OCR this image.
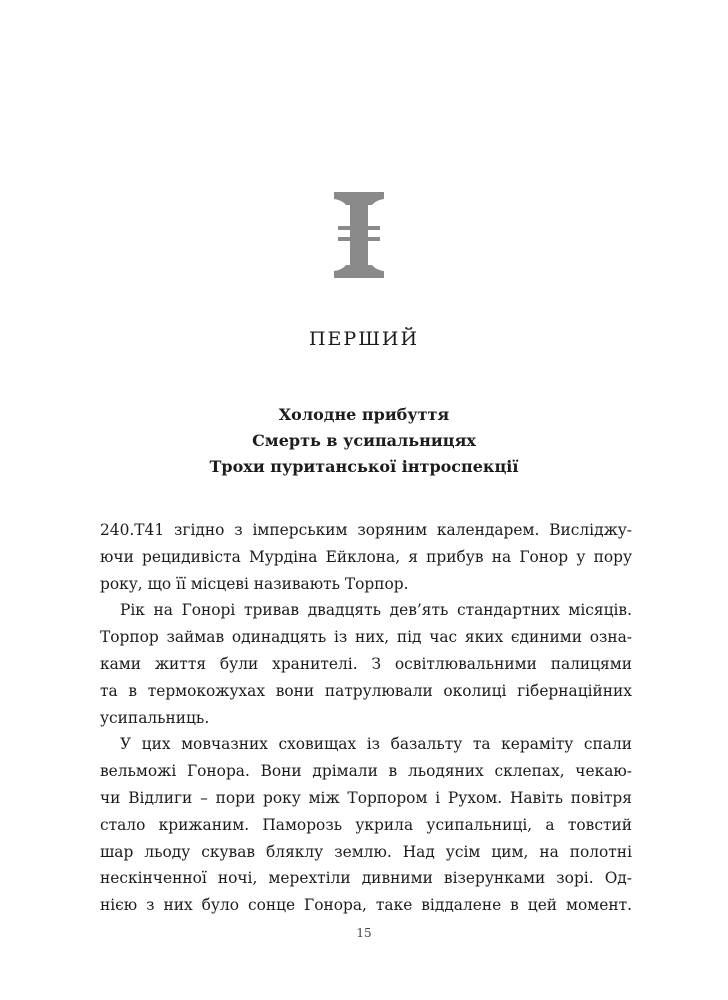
ПЕРШИЙ
Холодне прибуття
Смерть в усипальницях
Трохи пуританської інтроспекції

240.T41 згідно з імперським зоряним календарем. Висліджу-
ючи рецидивіста Мурдіна Ейклона, я прибув на Гонор у пору
року, що її місцеві називають Торпор.

Рік на Гонорі тривав двадцять дев’ять стандартних місяців.
Торпор займав одинадцять із них, під час яких єдиними озна-
ками життя були хранителі. З освітлювальними палицями
та в термокожухах вони патрулювали околиці гібернаційних
усипальниць.

У цих мовчазних сховищах із базальту та кераміту спали
вельможі Гонора. Вони дрімали в льодяних склепах, чекаю-
чи Відлиги – пори року між Торпором і Рухом. Навіть повітря
стало крижаним. Паморозь укрила усипальниці, а товстий
шар льоду скував бляклу землю. Над усім цим, на полотні
нескінченної ночі, мерехтіли дивними візерунками зорі. Од-
нією з них було сонце Гонора, таке віддалене в цей момент.

15
